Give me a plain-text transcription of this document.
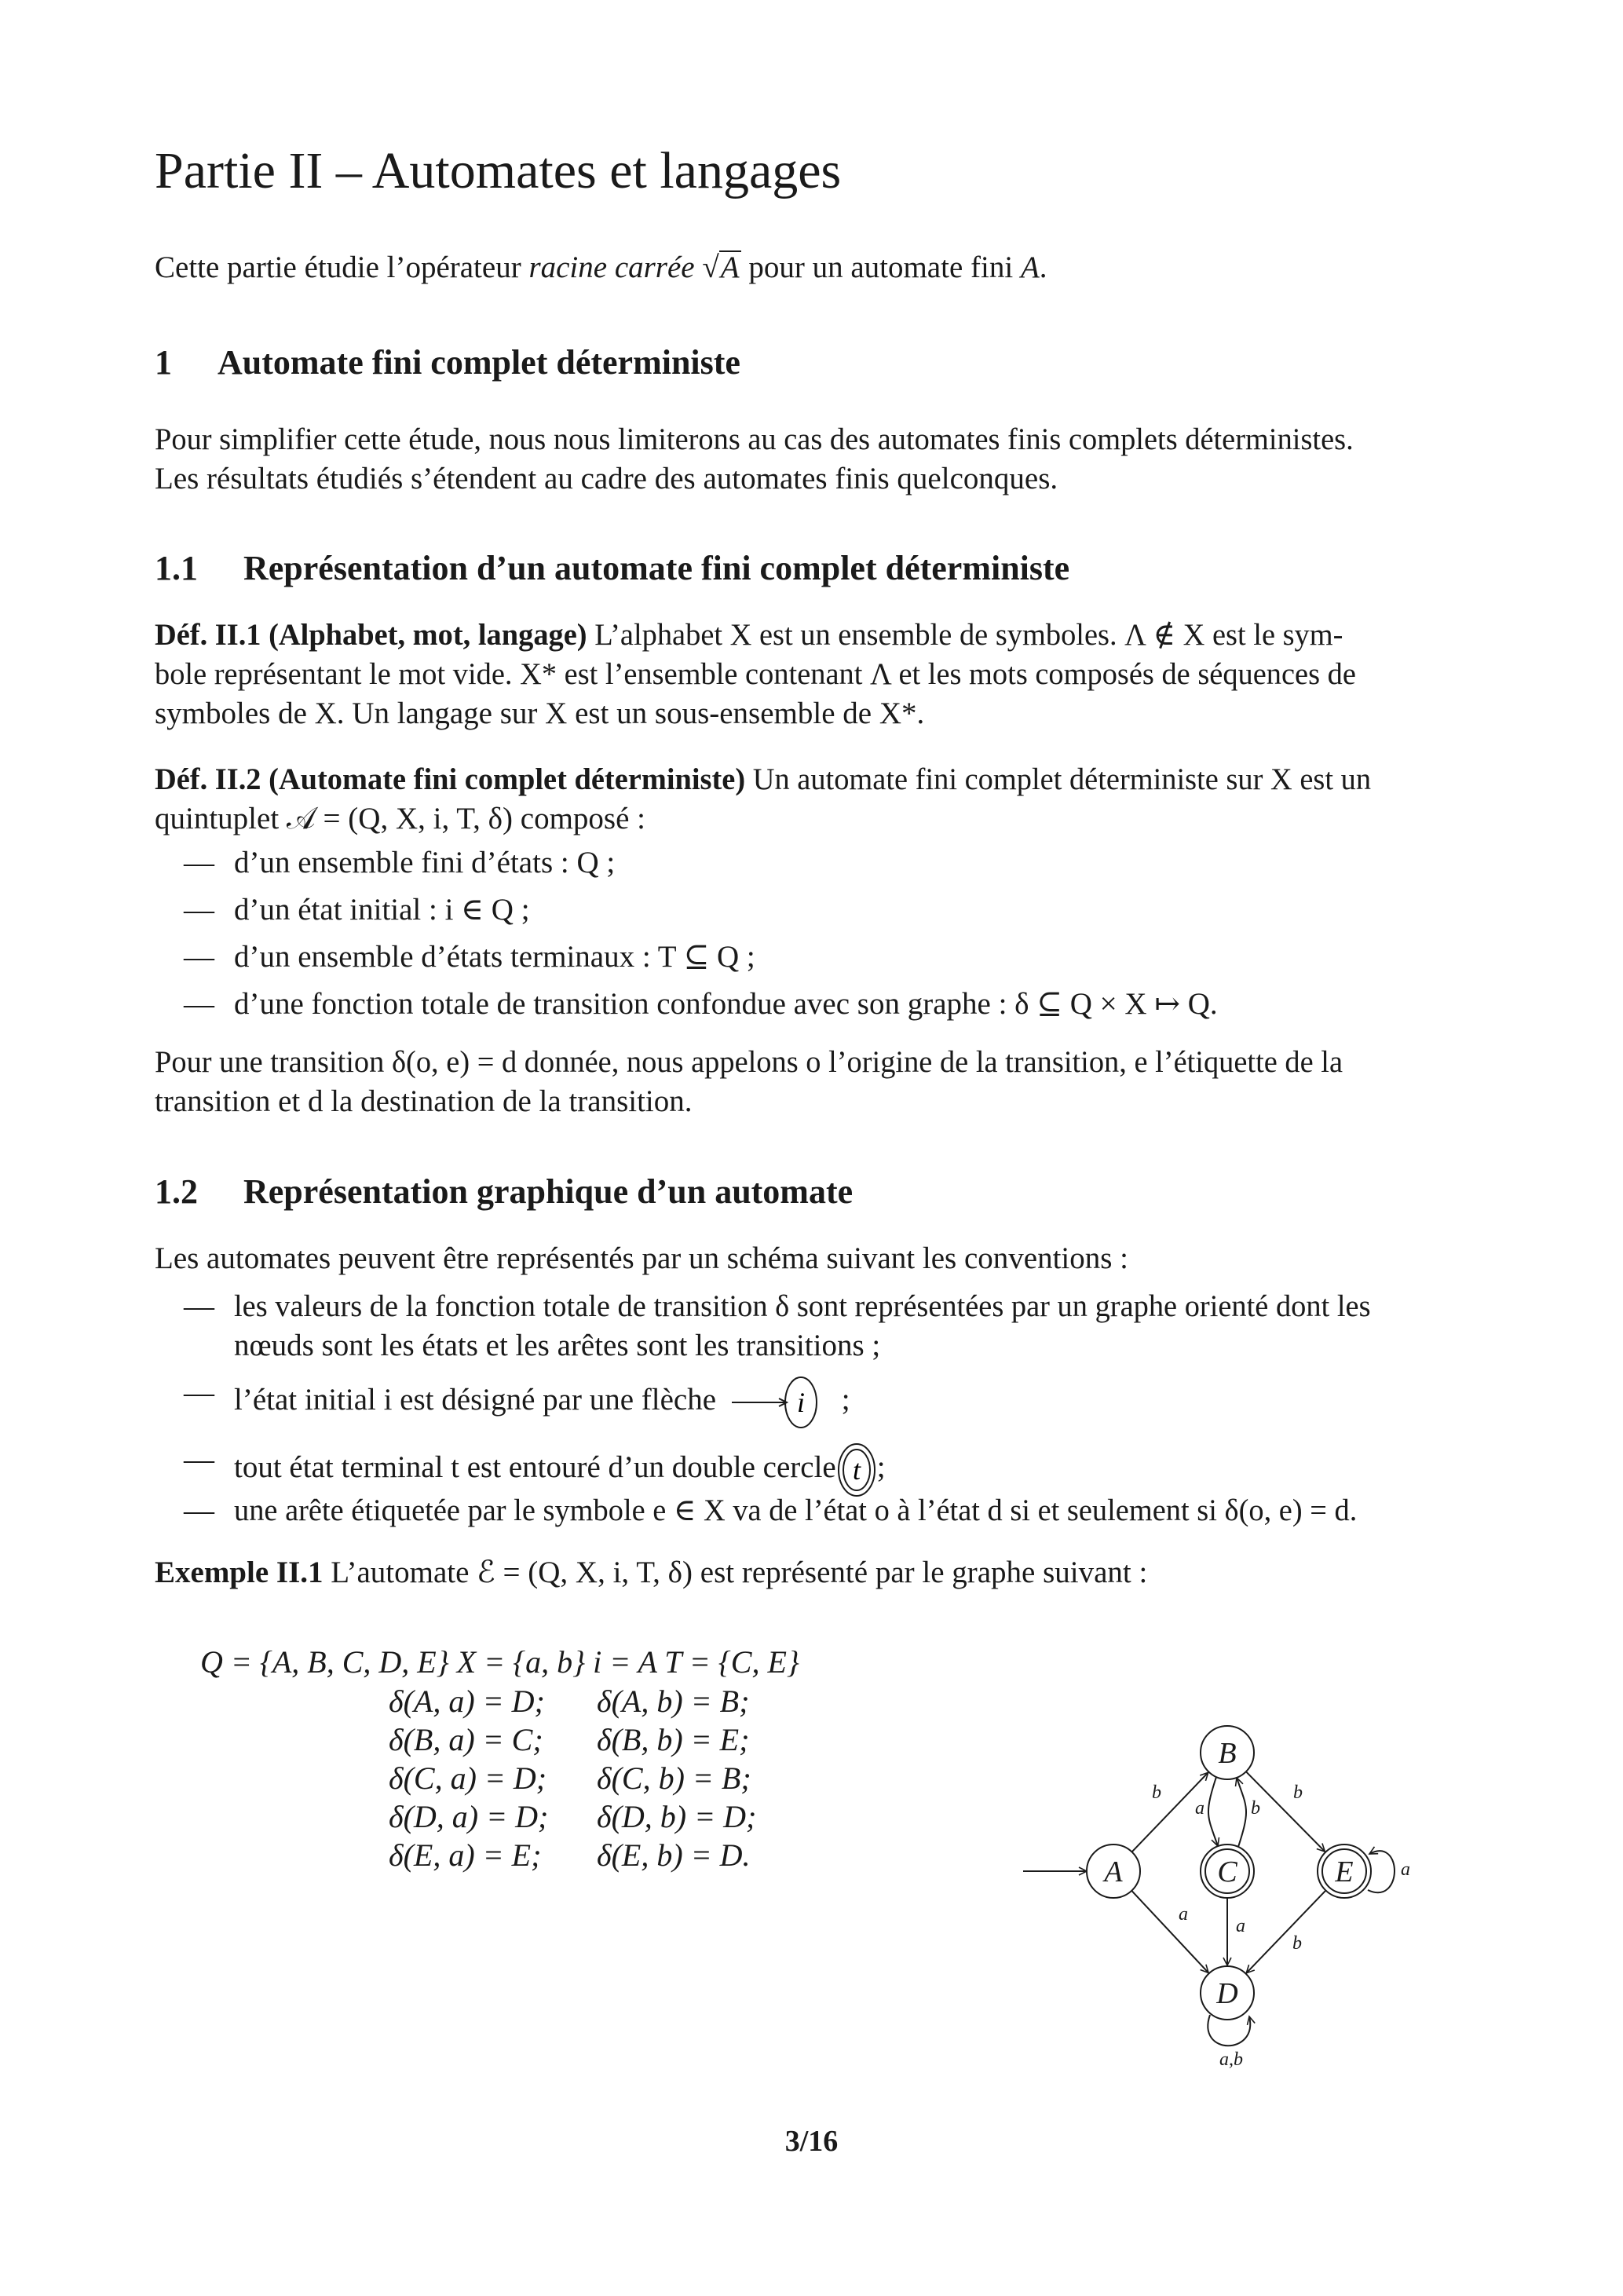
Partie II – Automates et langages
Cette partie étudie l’opérateur racine carrée √A pour un automate fini A.
1 Automate fini complet déterministe
Pour simplifier cette étude, nous nous limiterons au cas des automates finis complets déterministes.
Les résultats étudiés s’étendent au cadre des automates finis quelconques.
1.1 Représentation d’un automate fini complet déterministe
Déf. II.1 (Alphabet, mot, langage) L’alphabet X est un ensemble de symboles. Λ ∉ X est le sym-
bole représentant le mot vide. X* est l’ensemble contenant Λ et les mots composés de séquences de
symboles de X. Un langage sur X est un sous-ensemble de X*.
Déf. II.2 (Automate fini complet déterministe) Un automate fini complet déterministe sur X est un
quintuplet 𝒜 = (Q, X, i, T, δ) composé :
— d’un ensemble fini d’états : Q ;
— d’un état initial : i ∈ Q ;
— d’un ensemble d’états terminaux : T ⊆ Q ;
— d’une fonction totale de transition confondue avec son graphe : δ ⊆ Q × X ↦ Q.
Pour une transition δ(o, e) = d donnée, nous appelons o l’origine de la transition, e l’étiquette de la
transition et d la destination de la transition.
1.2 Représentation graphique d’un automate
Les automates peuvent être représentés par un schéma suivant les conventions :
— les valeurs de la fonction totale de transition δ sont représentées par un graphe orienté dont les
nœuds sont les états et les arêtes sont les transitions ;
— l’état initial i est désigné par une flèche	i ;
— tout état terminal t est entouré d’un double cercle t ;
— une arête étiquetée par le symbole e ∈ X va de l’état o à l’état d si et seulement si δ(o, e) = d.
Exemple II.1 L’automate ℰ = (Q, X, i, T, δ) est représenté par le graphe suivant :
Q = {A, B, C, D, E} X = {a, b} i = A T = {C, E}
δ(A, a) = D; δ(A, b) = B;
δ(B, a) = C; δ(B, b) = E;
δ(C, a) = D; δ(C, b) = B;
δ(D, a) = D; δ(D, b) = D;
δ(E, a) = E; δ(E, b) = D.
b
a
a b
b
a
b
a
a,b
A
B
C
D
E
3/16
